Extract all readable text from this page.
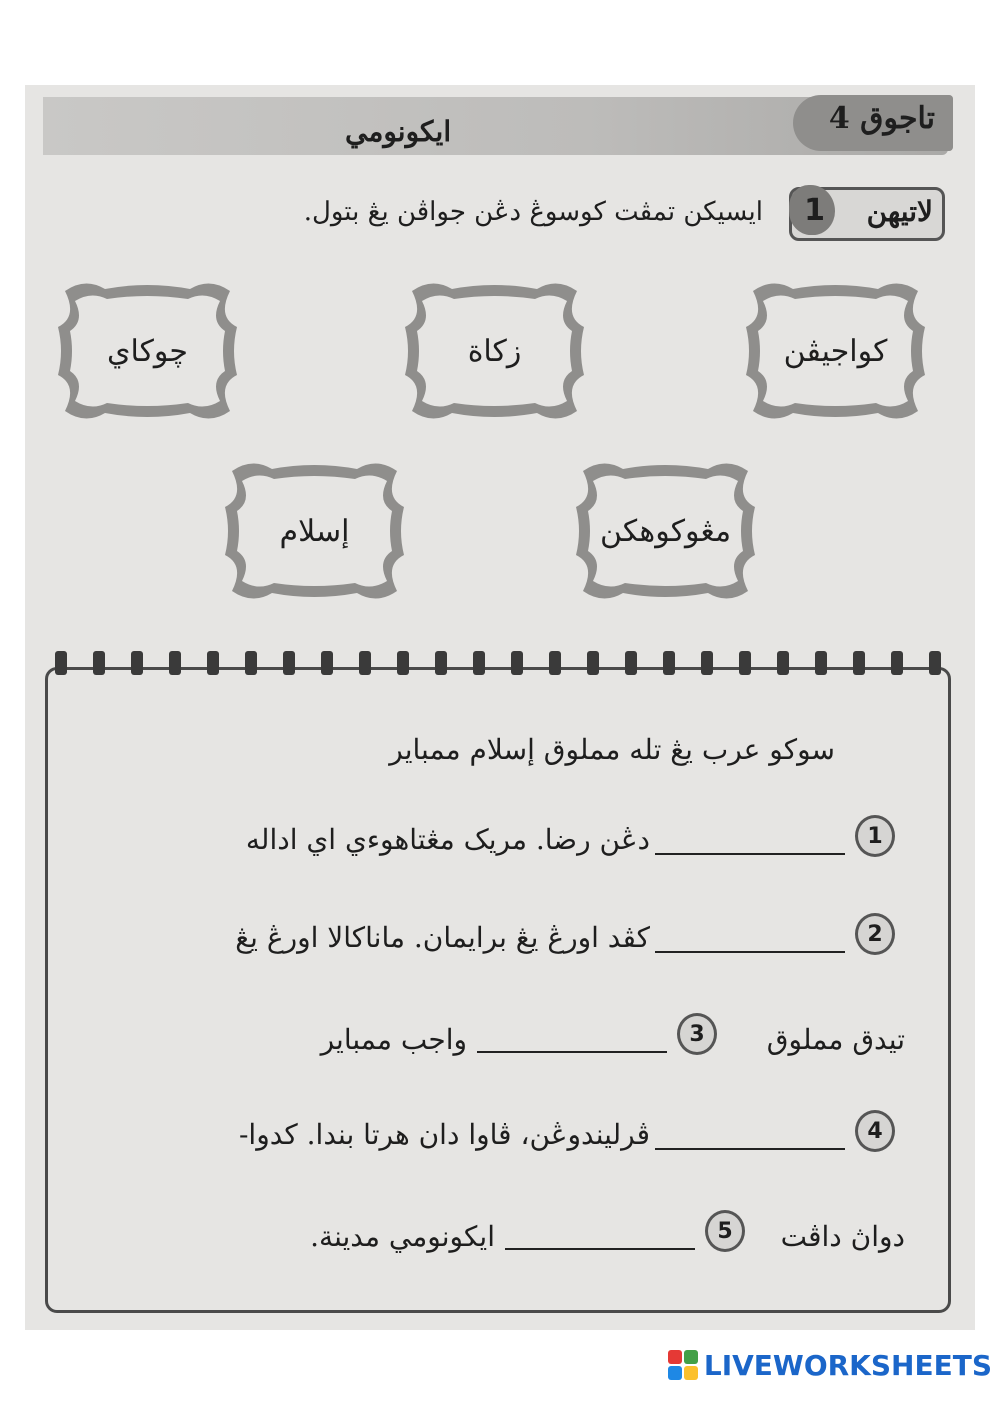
تاجوق 4
ايكونومي
لاتيهن
1
ايسيکن تمڤت کوسوڠ دڠن جواڤن يڠ بتول.
کواجيڤن
زکاة
چوکاي
مڠوکوهکن
إسلام
سوکو عرب يڠ تله مملوق إسلام ممباير
1
دڠن رضا. مريک مڠتاهوءي اي اداله
2
کڤد اورڠ يڠ برايمان. ماناکالا اورڠ يڠ
تيدق مملوق
3
واجب ممباير
4
ڤرليندوڠن، ڤاوا دان هرتا بندا. کدوا-
دواڽ داڤت
5
ايکونومي مدينة.
LIVEWORKSHEETS
